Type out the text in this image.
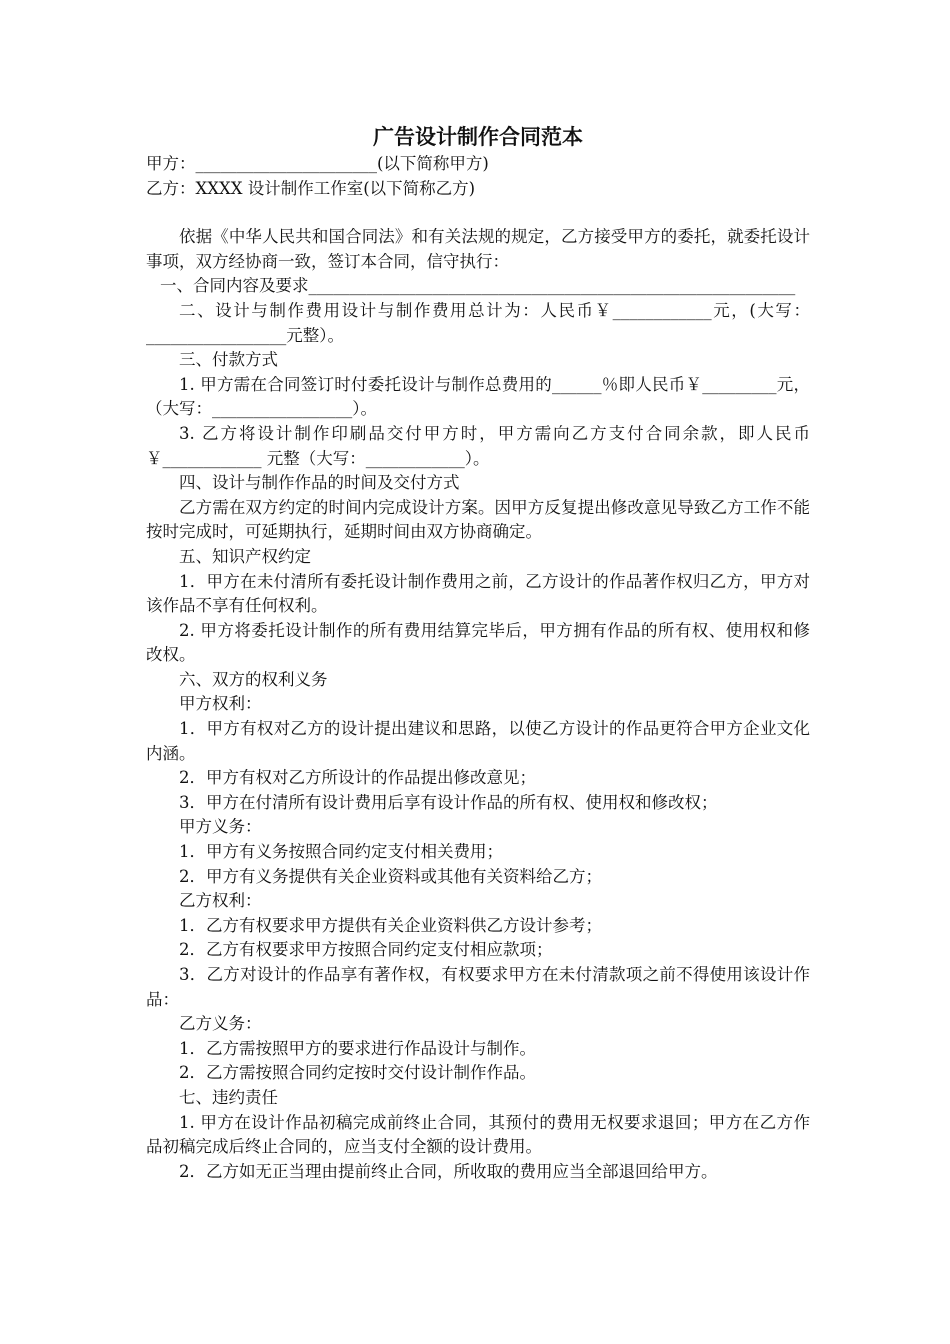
广告设计制作合同范本
甲方：______________________(以下简称甲方)
乙方：XXXX 设计制作工作室(以下简称乙方)
依据《中华人民共和国合同法》和有关法规的规定，乙方接受甲方的委托，就委托设计事项，双方经协商一致，签订本合同，信守执行：
一、合同内容及要求___________________________________________________________
二、设计与制作费用设计与制作费用总计为：人民币￥____________元，(大写：_________________元整）。
三、付款方式
1. 甲方需在合同签订时付委托设计与制作总费用的______％即人民币￥_________元，（大写：_________________）。
3. 乙方将设计制作印刷品交付甲方时，甲方需向乙方支付合同余款，即人民币￥____________ 元整（大写：____________）。
四、设计与制作作品的时间及交付方式
乙方需在双方约定的时间内完成设计方案。因甲方反复提出修改意见导致乙方工作不能按时完成时，可延期执行，延期时间由双方协商确定。
五、知识产权约定
1．甲方在未付清所有委托设计制作费用之前，乙方设计的作品著作权归乙方，甲方对该作品不享有任何权利。
2. 甲方将委托设计制作的所有费用结算完毕后，甲方拥有作品的所有权、使用权和修改权。
六、双方的权利义务
甲方权利：
1．甲方有权对乙方的设计提出建议和思路，以使乙方设计的作品更符合甲方企业文化内涵。
2．甲方有权对乙方所设计的作品提出修改意见；
3．甲方在付清所有设计费用后享有设计作品的所有权、使用权和修改权；
甲方义务：
1．甲方有义务按照合同约定支付相关费用；
2．甲方有义务提供有关企业资料或其他有关资料给乙方；
乙方权利：
1．乙方有权要求甲方提供有关企业资料供乙方设计参考；
2．乙方有权要求甲方按照合同约定支付相应款项；
3．乙方对设计的作品享有著作权，有权要求甲方在未付清款项之前不得使用该设计作品：
乙方义务：
1．乙方需按照甲方的要求进行作品设计与制作。
2．乙方需按照合同约定按时交付设计制作作品。
七、违约责任
1. 甲方在设计作品初稿完成前终止合同，其预付的费用无权要求退回；甲方在乙方作品初稿完成后终止合同的，应当支付全额的设计费用。
2．乙方如无正当理由提前终止合同，所收取的费用应当全部退回给甲方。
